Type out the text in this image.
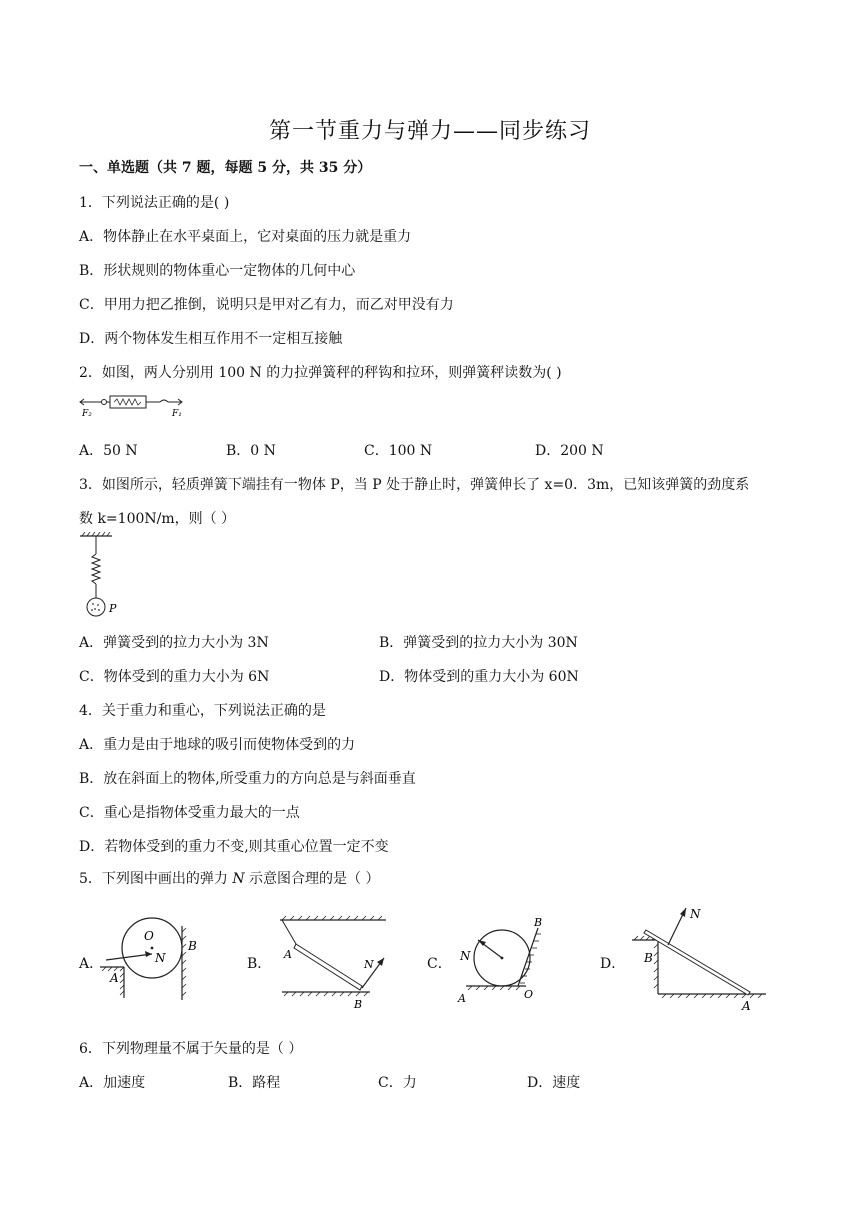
第一节重力与弹力——同步练习
一、单选题（共 7 题，每题 5 分，共 35 分）
1．下列说法正确的是( )
A．物体静止在水平桌面上，它对桌面的压力就是重力
B．形状规则的物体重心一定物体的几何中心
C．甲用力把乙推倒，说明只是甲对乙有力，而乙对甲没有力
D．两个物体发生相互作用不一定相互接触
2．如图，两人分别用 100 N 的力拉弹簧秤的秤钩和拉环，则弹簧秤读数为( )
F₂	F₁
A．50 N	B．0 N	C．100 N	D．200 N
3．如图所示，轻质弹簧下端挂有一物体 P，当 P 处于静止时，弹簧伸长了 x=0．3m，已知该弹簧的劲度系
数 k=100N/m，则（ ）
P
A．弹簧受到的拉力大小为 3N	B．弹簧受到的拉力大小为 30N
C．物体受到的重力大小为 6N	D．物体受到的重力大小为 60N
4．关于重力和重心，下列说法正确的是
A．重力是由于地球的吸引而使物体受到的力
B．放在斜面上的物体,所受重力的方向总是与斜面垂直
C．重心是指物体受重力最大的一点
D．若物体受到的重力不变,则其重心位置一定不变
5．下列图中画出的弹力 N 示意图合理的是（ ）
A．
O
N
B
A
B．
A
N
B
C． N
B
A	O
D．
N
B
A
6．下列物理量不属于矢量的是（ ）
A．加速度	B．路程	C．力	D．速度
